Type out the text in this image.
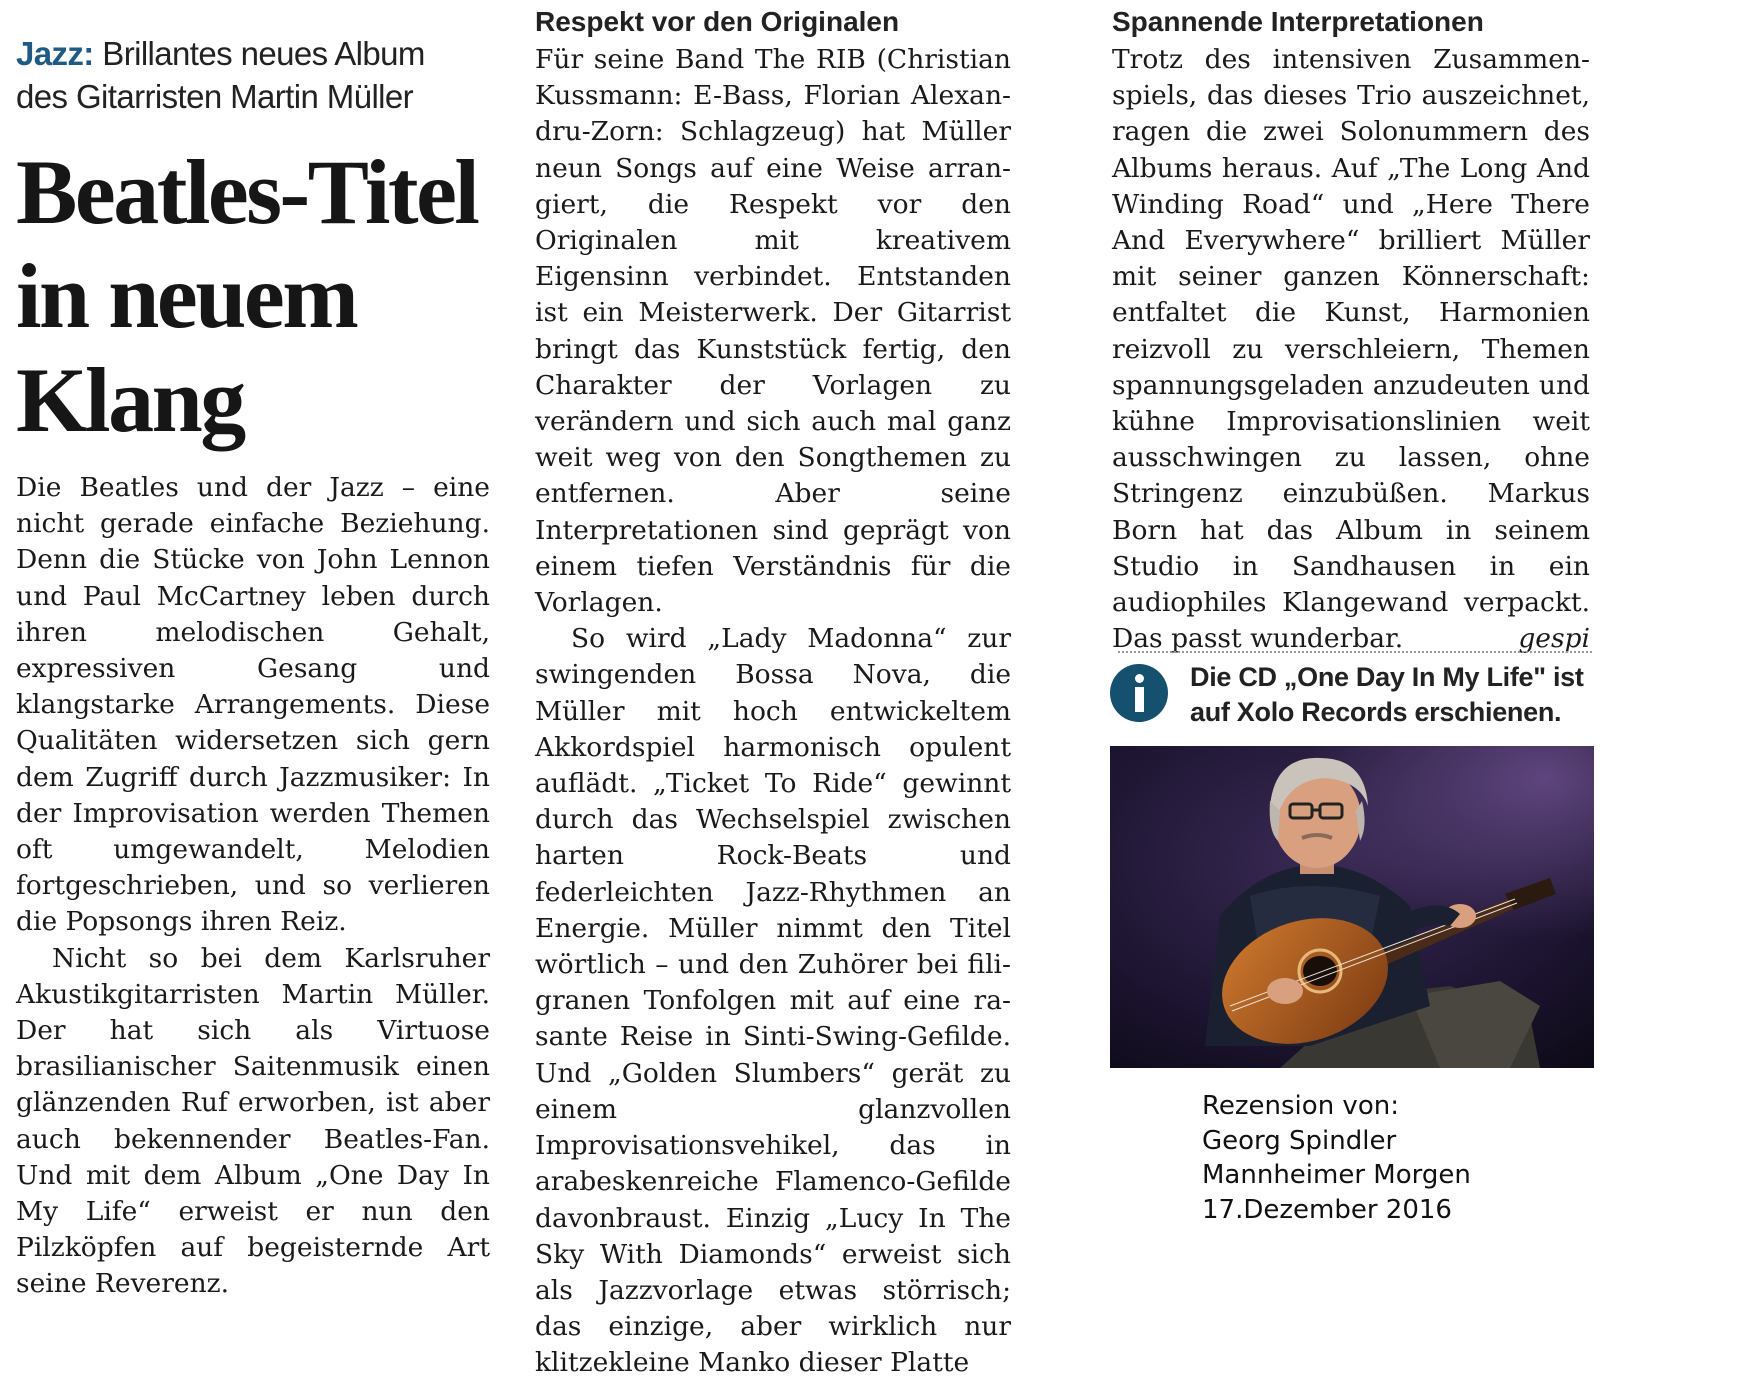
Jazz: Brillantes neues Album
des Gitarristen Martin Müller
Beatles-Titel
in neuem
Klang

Die Beatles und der Jazz – eine nicht gerade einfache Beziehung. Denn die Stücke von John Lennon und Paul McCartney leben durch ihren melodischen Gehalt, expressiven Gesang und klangstarke Arrangements. Diese Qualitäten widersetzen sich gern dem Zugriff durch Jazzmusiker: In der Improvisation werden Themen oft umgewandelt, Melodien fortgeschrieben, und so verlieren die Popsongs ihren Reiz.

Nicht so bei dem Karlsruher Akustikgitarristen Martin Müller. Der hat sich als Virtuose brasilianischer Saitenmusik einen glänzenden Ruf erworben, ist aber auch bekennender Beatles-Fan. Und mit dem Album „One Day In My Life“ erweist er nun den Pilzköpfen auf begeisternde Art seine Reverenz.

Respekt vor den Originalen

Für seine Band The RIB (Christian Kussmann: E-Bass, Florian Alexandru-Zorn: Schlagzeug) hat Müller neun Songs auf eine Weise arrangiert, die Respekt vor den Originalen mit kreativem Eigensinn verbindet. Entstanden ist ein Meisterwerk. Der Gitarrist bringt das Kunststück fertig, den Charakter der Vorlagen zu verändern und sich auch mal ganz weit weg von den Songthemen zu entfernen. Aber seine Interpretationen sind geprägt von einem tiefen Verständnis für die Vorlagen.

So wird „Lady Madonna“ zur swingenden Bossa Nova, die Müller mit hoch entwickeltem Akkordspiel harmonisch opulent auflädt. „Ticket To Ride“ gewinnt durch das Wechselspiel zwischen harten Rock-Beats und federleichten Jazz-Rhythmen an Energie. Müller nimmt den Titel wörtlich – und den Zuhörer bei filigranen Tonfolgen mit auf eine rasante Reise in Sinti-Swing-Gefilde. Und „Golden Slumbers“ gerät zu einem glanzvollen Improvisationsvehikel, das in arabeskenreiche Flamenco-Gefilde davonbraust. Einzig „Lucy In The Sky With Diamonds“ erweist sich als Jazzvorlage etwas störrisch; das einzige, aber wirklich nur klitzekleine Manko dieser Platte

Spannende Interpretationen

Trotz des intensiven Zusammenspiels, das dieses Trio auszeichnet, ragen die zwei Solonummern des Albums heraus. Auf „The Long And Winding Road“ und „Here There And Everywhere“ brilliert Müller mit seiner ganzen Könnerschaft: entfaltet die Kunst, Harmonien reizvoll zu verschleiern, Themen spannungsgeladen anzudeuten und kühne Improvisationslinien weit ausschwingen zu lassen, ohne Stringenz einzubüßen. Markus Born hat das Album in seinem Studio in Sandhausen in ein audiophiles Klangewand verpackt. Das passt wunderbar.	gespi

Die CD „One Day In My Life" ist
auf Xolo Records erschienen.
Rezension von:
Georg Spindler
Mannheimer Morgen
17.Dezember 2016
